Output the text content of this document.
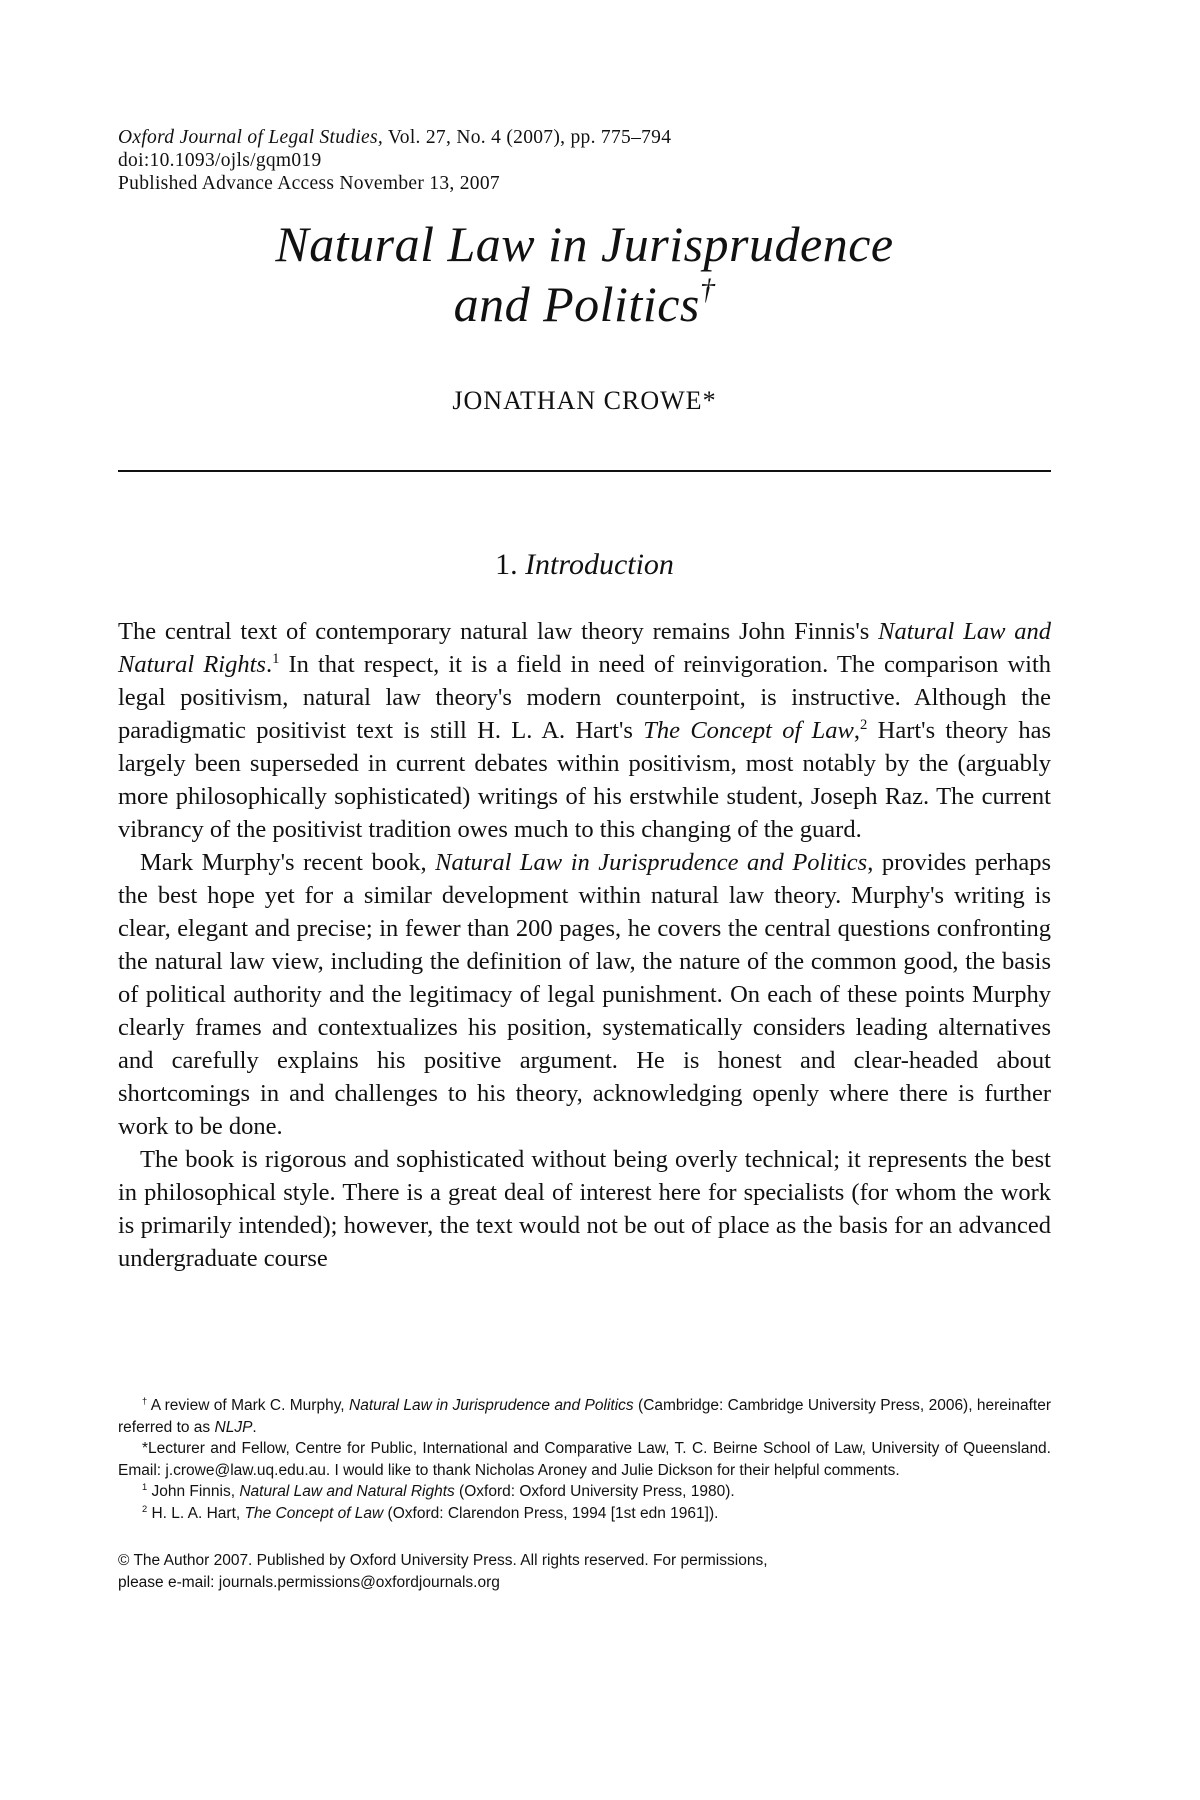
Oxford Journal of Legal Studies, Vol. 27, No. 4 (2007), pp. 775–794
doi:10.1093/ojls/gqm019
Published Advance Access November 13, 2007
Natural Law in Jurisprudence
and Politics†
JONATHAN CROWE*
1. Introduction

The central text of contemporary natural law theory remains John Finnis's Natural Law and Natural Rights.$^1$ In that respect, it is a field in need of reinvigoration. The comparison with legal positivism, natural law theory's modern counterpoint, is instructive. Although the paradigmatic positivist text is still H. L. A. Hart's The Concept of Law,$^2$ Hart's theory has largely been superseded in current debates within positivism, most notably by the (arguably more philosophically sophisticated) writings of his erstwhile student, Joseph Raz. The current vibrancy of the positivist tradition owes much to this changing of the guard.

Mark Murphy's recent book, Natural Law in Jurisprudence and Politics, provides perhaps the best hope yet for a similar development within natural law theory. Murphy's writing is clear, elegant and precise; in fewer than 200 pages, he covers the central questions confronting the natural law view, including the definition of law, the nature of the common good, the basis of political authority and the legitimacy of legal punishment. On each of these points Murphy clearly frames and contextualizes his position, systematically considers leading alternatives and carefully explains his positive argument. He is honest and clear-headed about shortcomings in and challenges to his theory, acknowledging openly where there is further work to be done.

The book is rigorous and sophisticated without being overly technical; it represents the best in philosophical style. There is a great deal of interest here for specialists (for whom the work is primarily intended); however, the text would not be out of place as the basis for an advanced undergraduate course

† A review of Mark C. Murphy, Natural Law in Jurisprudence and Politics (Cambridge: Cambridge University Press, 2006), hereinafter referred to as NLJP.

*Lecturer and Fellow, Centre for Public, International and Comparative Law, T. C. Beirne School of Law, University of Queensland. Email: j.crowe@law.uq.edu.au. I would like to thank Nicholas Aroney and Julie Dickson for their helpful comments.

$^1$ John Finnis, Natural Law and Natural Rights (Oxford: Oxford University Press, 1980).

$^2$ H. L. A. Hart, The Concept of Law (Oxford: Clarendon Press, 1994 [1st edn 1961]).

© The Author 2007. Published by Oxford University Press. All rights reserved. For permissions,
please e-mail: journals.permissions@oxfordjournals.org
